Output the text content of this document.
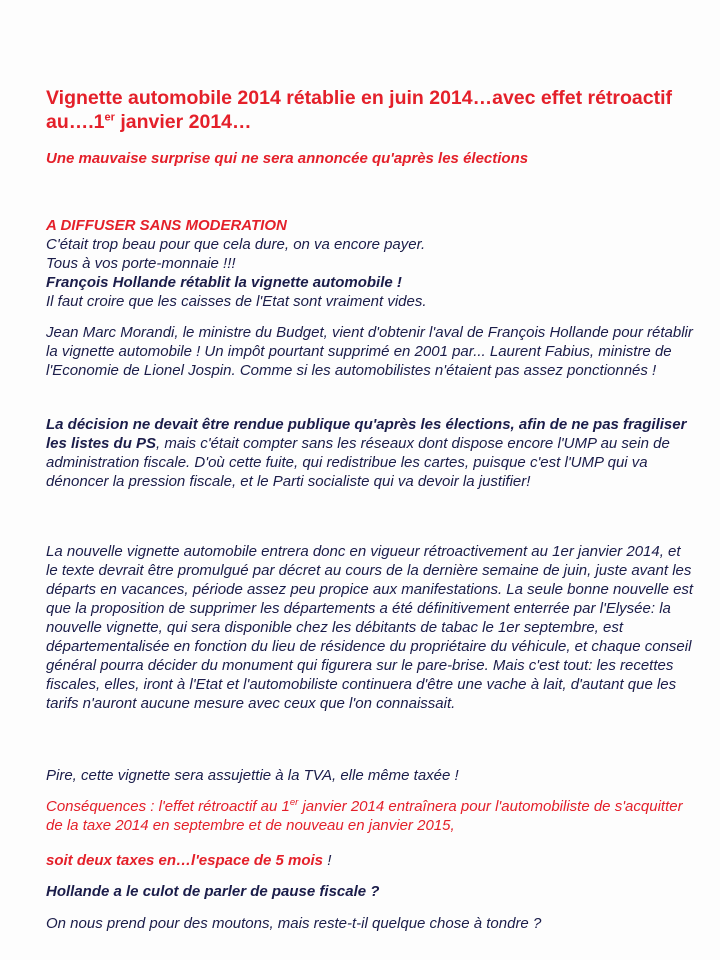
Vignette automobile 2014 rétablie en juin 2014…avec effet rétroactif au….1er janvier 2014…
Une mauvaise surprise qui ne sera annoncée qu'après les élections

A DIFFUSER SANS MODERATION

C'était trop beau pour que cela dure, on va encore payer.

Tous à vos porte-monnaie !!!

François Hollande rétablit la vignette automobile !

Il faut croire que les caisses de l'Etat sont vraiment vides.

Jean Marc Morandi, le ministre du Budget, vient d'obtenir l'aval de François Hollande pour rétablir la vignette automobile ! Un impôt pourtant supprimé en 2001 par... Laurent Fabius, ministre de l'Economie de Lionel Jospin. Comme si les automobilistes n'étaient pas assez ponctionnés !

La décision ne devait être rendue publique qu'après les élections, afin de ne pas fragiliser les listes du PS, mais c'était compter sans les réseaux dont dispose encore l'UMP au sein de administration fiscale. D'où cette fuite, qui redistribue les cartes, puisque c'est l'UMP qui va dénoncer la pression fiscale, et le Parti socialiste qui va devoir la justifier!

La nouvelle vignette automobile entrera donc en vigueur rétroactivement au 1er janvier 2014, et le texte devrait être promulgué par décret au cours de la dernière semaine de juin, juste avant les départs en vacances, période assez peu propice aux manifestations. La seule bonne nouvelle est que la proposition de supprimer les départements a été définitivement enterrée par l'Elysée: la nouvelle vignette, qui sera disponible chez les débitants de tabac le 1er septembre, est départementalisée en fonction du lieu de résidence du propriétaire du véhicule, et chaque conseil général pourra décider du monument qui figurera sur le pare-brise. Mais c'est tout: les recettes fiscales, elles, iront à l'Etat et l'automobiliste continuera d'être une vache à lait, d'autant que les tarifs n'auront aucune mesure avec ceux que l'on connaissait.

Pire, cette vignette sera assujettie à la TVA, elle même taxée !

Conséquences : l'effet rétroactif au 1er janvier 2014 entraînera pour l'automobiliste de s'acquitter de la taxe 2014 en septembre et de nouveau en janvier 2015,

soit deux taxes en…l'espace de 5 mois !

Hollande a le culot de parler de pause fiscale ?

On nous prend pour des moutons, mais reste-t-il quelque chose à tondre ?
